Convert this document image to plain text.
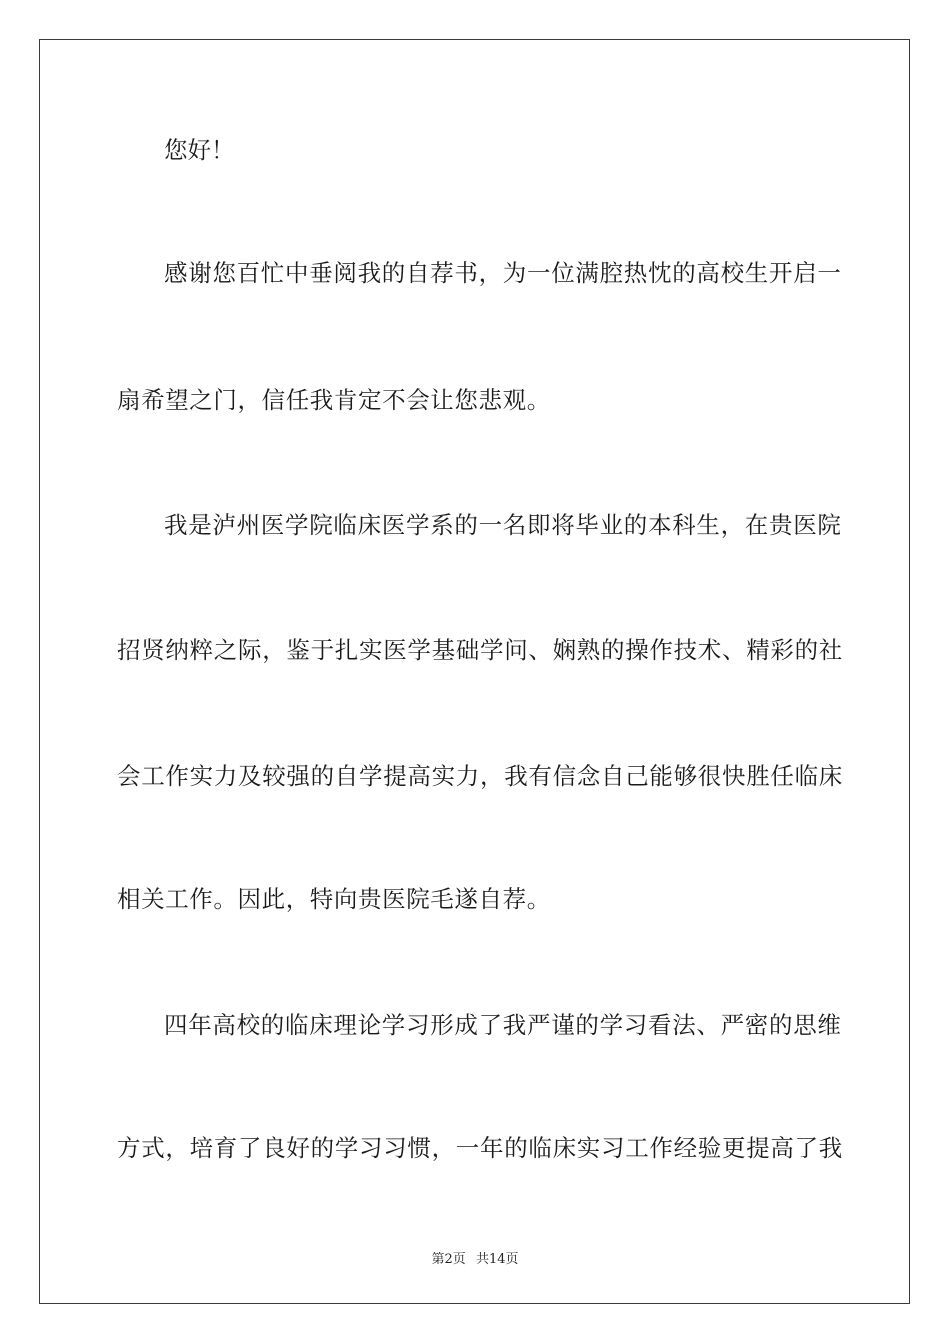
您好！
感谢您百忙中垂阅我的自荐书，为一位满腔热忱的高校生开启一
扇希望之门，信任我肯定不会让您悲观。
我是泸州医学院临床医学系的一名即将毕业的本科生，在贵医院
招贤纳粹之际，鉴于扎实医学基础学问、娴熟的操作技术、精彩的社
会工作实力及较强的自学提高实力，我有信念自己能够很快胜任临床
相关工作。因此，特向贵医院毛遂自荐。
四年高校的临床理论学习形成了我严谨的学习看法、严密的思维
方式，培育了良好的学习习惯，一年的临床实习工作经验更提高了我
第2页 共14页
